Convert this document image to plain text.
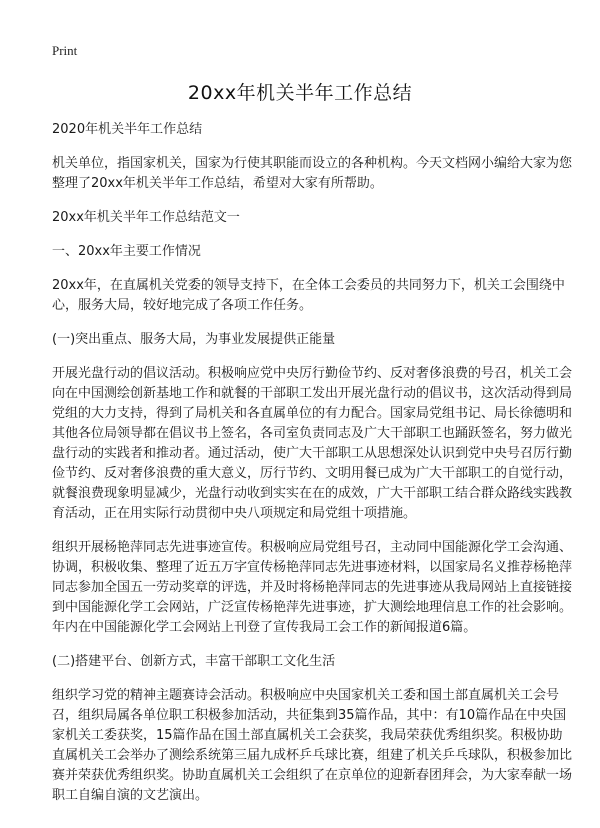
Print
20xx年机关半年工作总结

2020年机关半年工作总结

机关单位，指国家机关，国家为行使其职能而设立的各种机构。今天文档网小编给大家为您整理了20xx年机关半年工作总结，希望对大家有所帮助。

20xx年机关半年工作总结范文一

一、20xx年主要工作情况

20xx年，在直属机关党委的领导支持下，在全体工会委员的共同努力下，机关工会围绕中心，服务大局，较好地完成了各项工作任务。

(一)突出重点、服务大局，为事业发展提供正能量

开展光盘行动的倡议活动。积极响应党中央厉行勤俭节约、反对奢侈浪费的号召，机关工会向在中国测绘创新基地工作和就餐的干部职工发出开展光盘行动的倡议书，这次活动得到局党组的大力支持，得到了局机关和各直属单位的有力配合。国家局党组书记、局长徐德明和其他各位局领导都在倡议书上签名，各司室负责同志及广大干部职工也踊跃签名，努力做光盘行动的实践者和推动者。通过活动，使广大干部职工从思想深处认识到党中央号召厉行勤俭节约、反对奢侈浪费的重大意义，厉行节约、文明用餐已成为广大干部职工的自觉行动，就餐浪费现象明显减少，光盘行动收到实实在在的成效，广大干部职工结合群众路线实践教育活动，正在用实际行动贯彻中央八项规定和局党组十项措施。

组织开展杨艳萍同志先进事迹宣传。积极响应局党组号召，主动同中国能源化学工会沟通、协调，积极收集、整理了近五万字宣传杨艳萍同志先进事迹材料，以国家局名义推荐杨艳萍同志参加全国五一劳动奖章的评选，并及时将杨艳萍同志的先进事迹从我局网站上直接链接到中国能源化学工会网站，广泛宣传杨艳萍先进事迹，扩大测绘地理信息工作的社会影响。年内在中国能源化学工会网站上刊登了宣传我局工会工作的新闻报道6篇。

(二)搭建平台、创新方式，丰富干部职工文化生活

组织学习党的精神主题赛诗会活动。积极响应中央国家机关工委和国土部直属机关工会号召，组织局属各单位职工积极参加活动，共征集到35篇作品，其中：有10篇作品在中央国家机关工委获奖，15篇作品在国土部直属机关工会获奖，我局荣获优秀组织奖。积极协助直属机关工会举办了测绘系统第三届九成杯乒乓球比赛，组建了机关乒乓球队，积极参加比赛并荣获优秀组织奖。协助直属机关工会组织了在京单位的迎新春团拜会，为大家奉献一场职工自编自演的文艺演出。
